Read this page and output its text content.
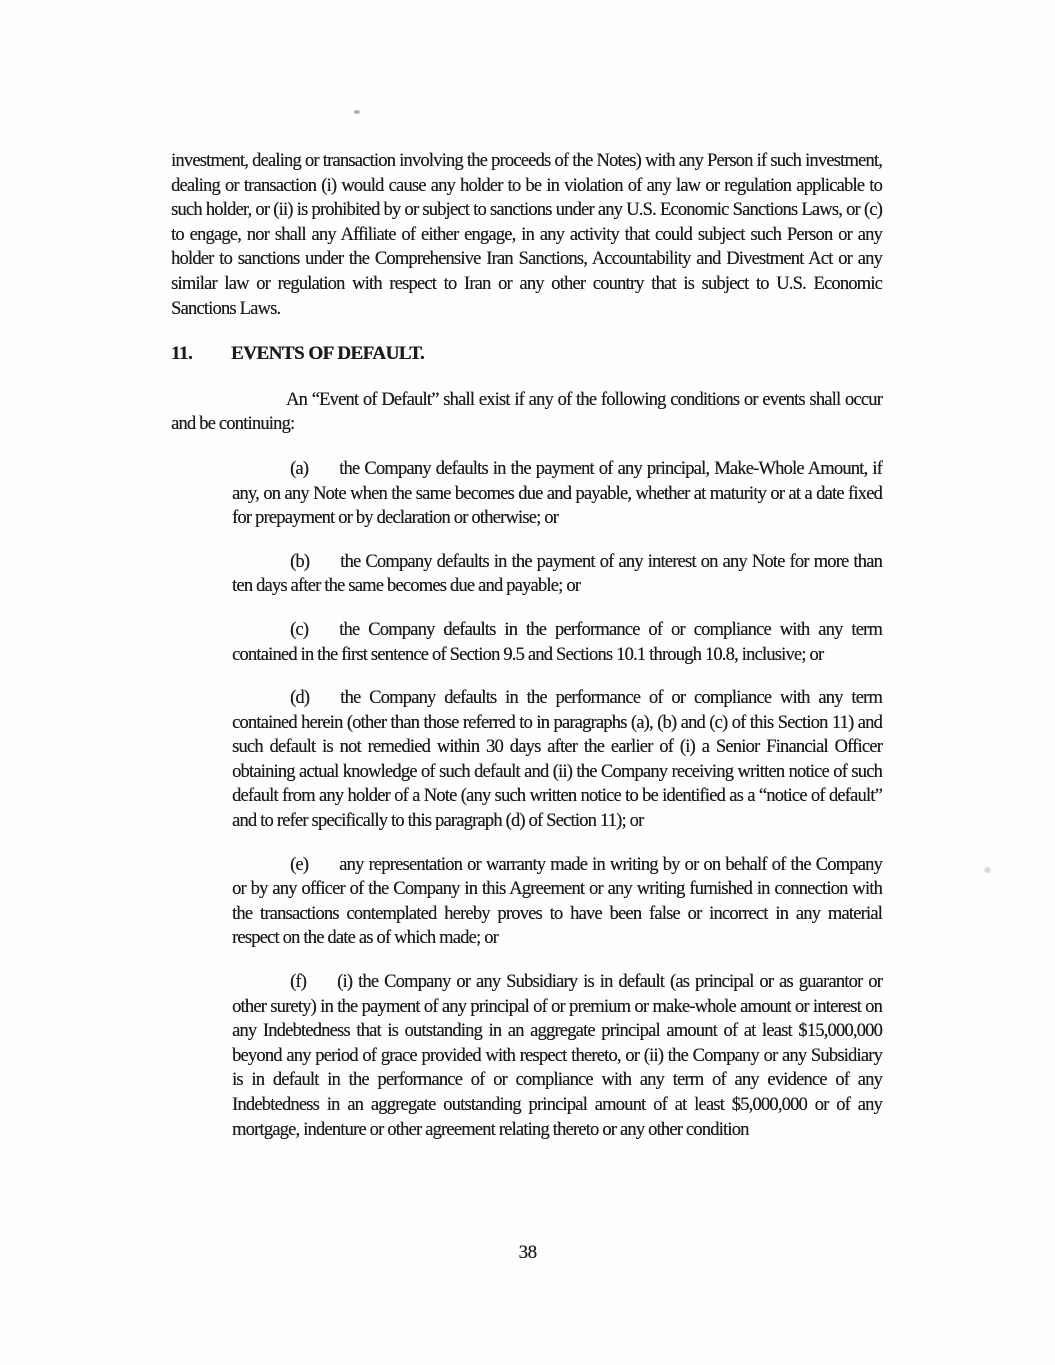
investment, dealing or transaction involving the proceeds of the Notes) with any Person if such investment, dealing or transaction (i) would cause any holder to be in violation of any law or regulation applicable to such holder, or (ii) is prohibited by or subject to sanctions under any U.S. Economic Sanctions Laws, or (c) to engage, nor shall any Affiliate of either engage, in any activity that could subject such Person or any holder to sanctions under the Comprehensive Iran Sanctions, Accountability and Divestment Act or any similar law or regulation with respect to Iran or any other country that is subject to U.S. Economic Sanctions Laws.

11. EVENTS OF DEFAULT.

An “Event of Default” shall exist if any of the following conditions or events shall occur and be continuing:

(a) the Company defaults in the payment of any principal, Make-Whole Amount, if any, on any Note when the same becomes due and payable, whether at maturity or at a date fixed for prepayment or by declaration or otherwise; or

(b) the Company defaults in the payment of any interest on any Note for more than ten days after the same becomes due and payable; or

(c) the Company defaults in the performance of or compliance with any term contained in the first sentence of Section 9.5 and Sections 10.1 through 10.8, inclusive; or

(d) the Company defaults in the performance of or compliance with any term contained herein (other than those referred to in paragraphs (a), (b) and (c) of this Section 11) and such default is not remedied within 30 days after the earlier of (i) a Senior Financial Officer obtaining actual knowledge of such default and (ii) the Company receiving written notice of such default from any holder of a Note (any such written notice to be identified as a “notice of default” and to refer specifically to this paragraph (d) of Section 11); or

(e) any representation or warranty made in writing by or on behalf of the Company or by any officer of the Company in this Agreement or any writing furnished in connection with the transactions contemplated hereby proves to have been false or incorrect in any material respect on the date as of which made; or

(f) (i) the Company or any Subsidiary is in default (as principal or as guarantor or other surety) in the payment of any principal of or premium or make-whole amount or interest on any Indebtedness that is outstanding in an aggregate principal amount of at least $15,000,000 beyond any period of grace provided with respect thereto, or (ii) the Company or any Subsidiary is in default in the performance of or compliance with any term of any evidence of any Indebtedness in an aggregate outstanding principal amount of at least $5,000,000 or of any mortgage, indenture or other agreement relating thereto or any other condition

38
